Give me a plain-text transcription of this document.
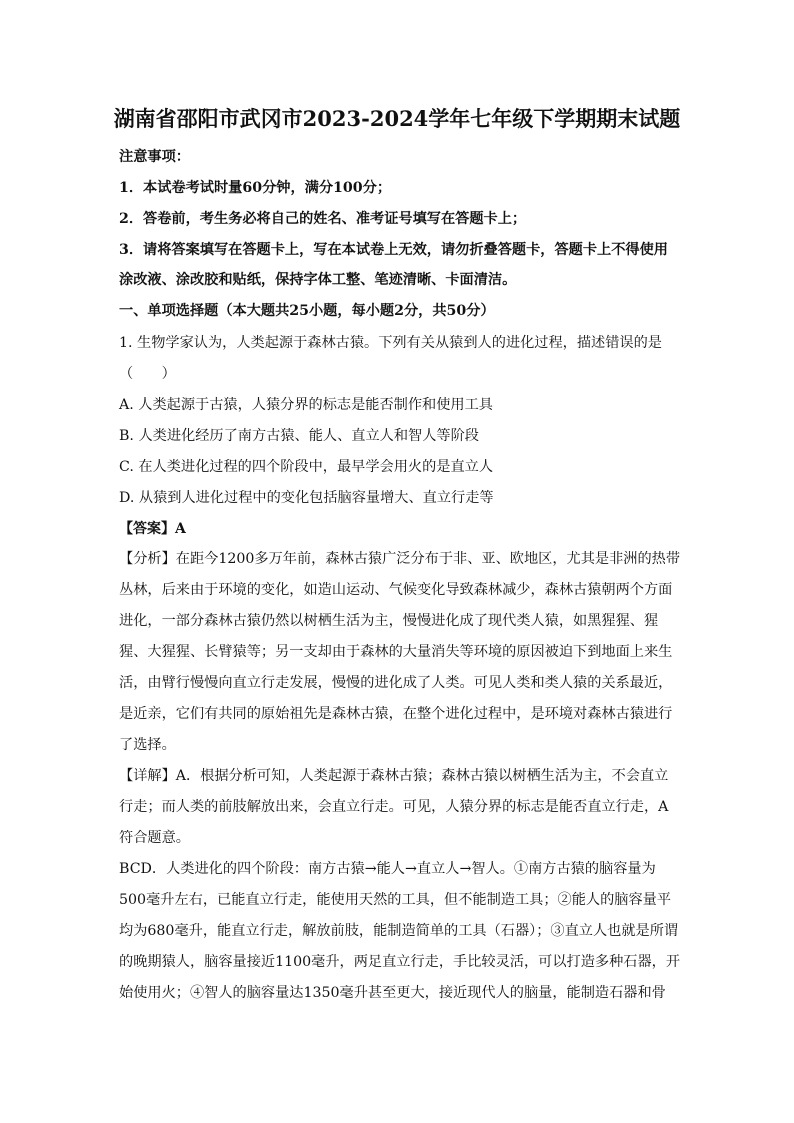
湖南省邵阳市武冈市2023-2024学年七年级下学期期末试题
注意事项：
1．本试卷考试时量60分钟，满分100分；
2．答卷前，考生务必将自己的姓名、准考证号填写在答题卡上；
3．请将答案填写在答题卡上，写在本试卷上无效，请勿折叠答题卡，答题卡上不得使用
涂改液、涂改胶和贴纸，保持字体工整、笔迹清晰、卡面清洁。
一、单项选择题（本大题共25小题，每小题2分，共50分）
1. 生物学家认为，人类起源于森林古猿。下列有关从猿到人的进化过程，描述错误的是
（　　）
A. 人类起源于古猿，人猿分界的标志是能否制作和使用工具
B. 人类进化经历了南方古猿、能人、直立人和智人等阶段
C. 在人类进化过程的四个阶段中，最早学会用火的是直立人
D. 从猿到人进化过程中的变化包括脑容量增大、直立行走等
【答案】A
【分析】在距今1200多万年前，森林古猿广泛分布于非、亚、欧地区，尤其是非洲的热带
丛林，后来由于环境的变化，如造山运动、气候变化导致森林减少，森林古猿朝两个方面
进化，一部分森林古猿仍然以树栖生活为主，慢慢进化成了现代类人猿，如黑猩猩、猩
猩、大猩猩、长臂猿等；另一支却由于森林的大量消失等环境的原因被迫下到地面上来生
活，由臂行慢慢向直立行走发展，慢慢的进化成了人类。可见人类和类人猿的关系最近，
是近亲，它们有共同的原始祖先是森林古猿，在整个进化过程中，是环境对森林古猿进行
了选择。
【详解】A．根据分析可知，人类起源于森林古猿；森林古猿以树栖生活为主，不会直立
行走；而人类的前肢解放出来，会直立行走。可见，人猿分界的标志是能否直立行走，A
符合题意。
BCD．人类进化的四个阶段：南方古猿→能人→直立人→智人。①南方古猿的脑容量为
500毫升左右，已能直立行走，能使用天然的工具，但不能制造工具；②能人的脑容量平
均为680毫升，能直立行走，解放前肢，能制造简单的工具（石器）；③直立人也就是所谓
的晚期猿人，脑容量接近1100毫升，两足直立行走，手比较灵活，可以打造多种石器，开
始使用火；④智人的脑容量达1350毫升甚至更大，接近现代人的脑量，能制造石器和骨
